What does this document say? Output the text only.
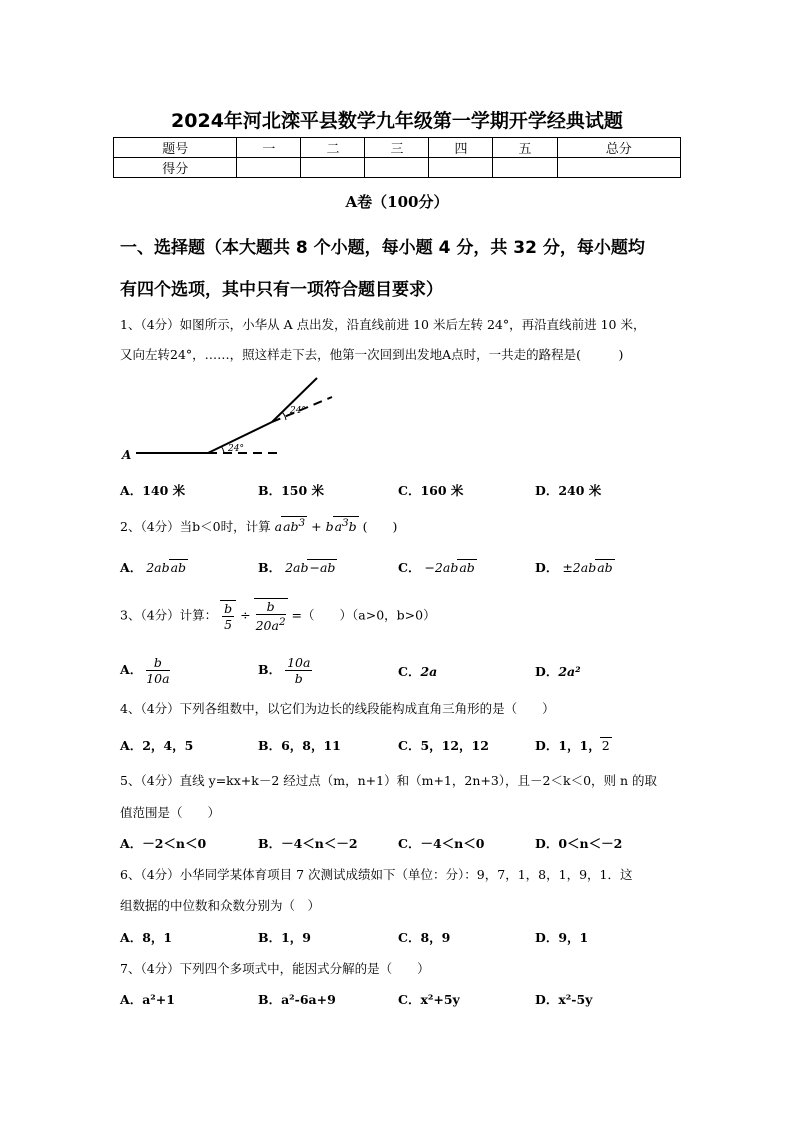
2024年河北滦平县数学九年级第一学期开学经典试题
题号	一	二	三	四	五	总分
得分						
A卷（100分）
一、选择题（本大题共 8 个小题，每小题 4 分，共 32 分，每小题均
有四个选项，其中只有一项符合题目要求）
1、（4分）如图所示，小华从 A 点出发，沿直线前进 10 米后左转 24°，再沿直线前进 10 米，
又向左转24°，……，照这样走下去，他第一次回到出发地A点时，一共走的路程是(　　　)
A	24°
24°
A．140 米	B．150 米	C．160 米	D．240 米
2、（4分）当b＜0时，计算 $aab^3 + ba^3b$ (　　)
A． 2abab	B． 2ab−ab	C． −2abab	D． ±2abab
3、（4分）计算： $\frac{b}{5} \div \frac{b}{20a^2}$ =（　　）（a>0，b>0）
A． $\frac{b}{10a}$	B． $\frac{10a}{b}$	C．2a	D．2a²
4、（4分）下列各组数中，以它们为边长的线段能构成直角三角形的是（　　）
A．2，4，5	B．6，8，11	C．5，12，12	D．1，1，2
5、（4分）直线 y=kx+k－2 经过点（m，n+1）和（m+1，2n+3），且－2＜k＜0，则 n 的取
值范围是（　　）
A．－2＜n＜0	B．－4＜n＜－2	C．－4＜n＜0	D．0＜n＜－2
6、（4分）小华同学某体育项目 7 次测试成绩如下（单位：分）：9，7，1，8，1，9，1．这
组数据的中位数和众数分别为（　）
A．8，1	B．1，9	C．8，9	D．9，1
7、（4分）下列四个多项式中，能因式分解的是（　　）
A．a²+1	B．a²-6a+9	C．x²+5y	D．x²-5y
